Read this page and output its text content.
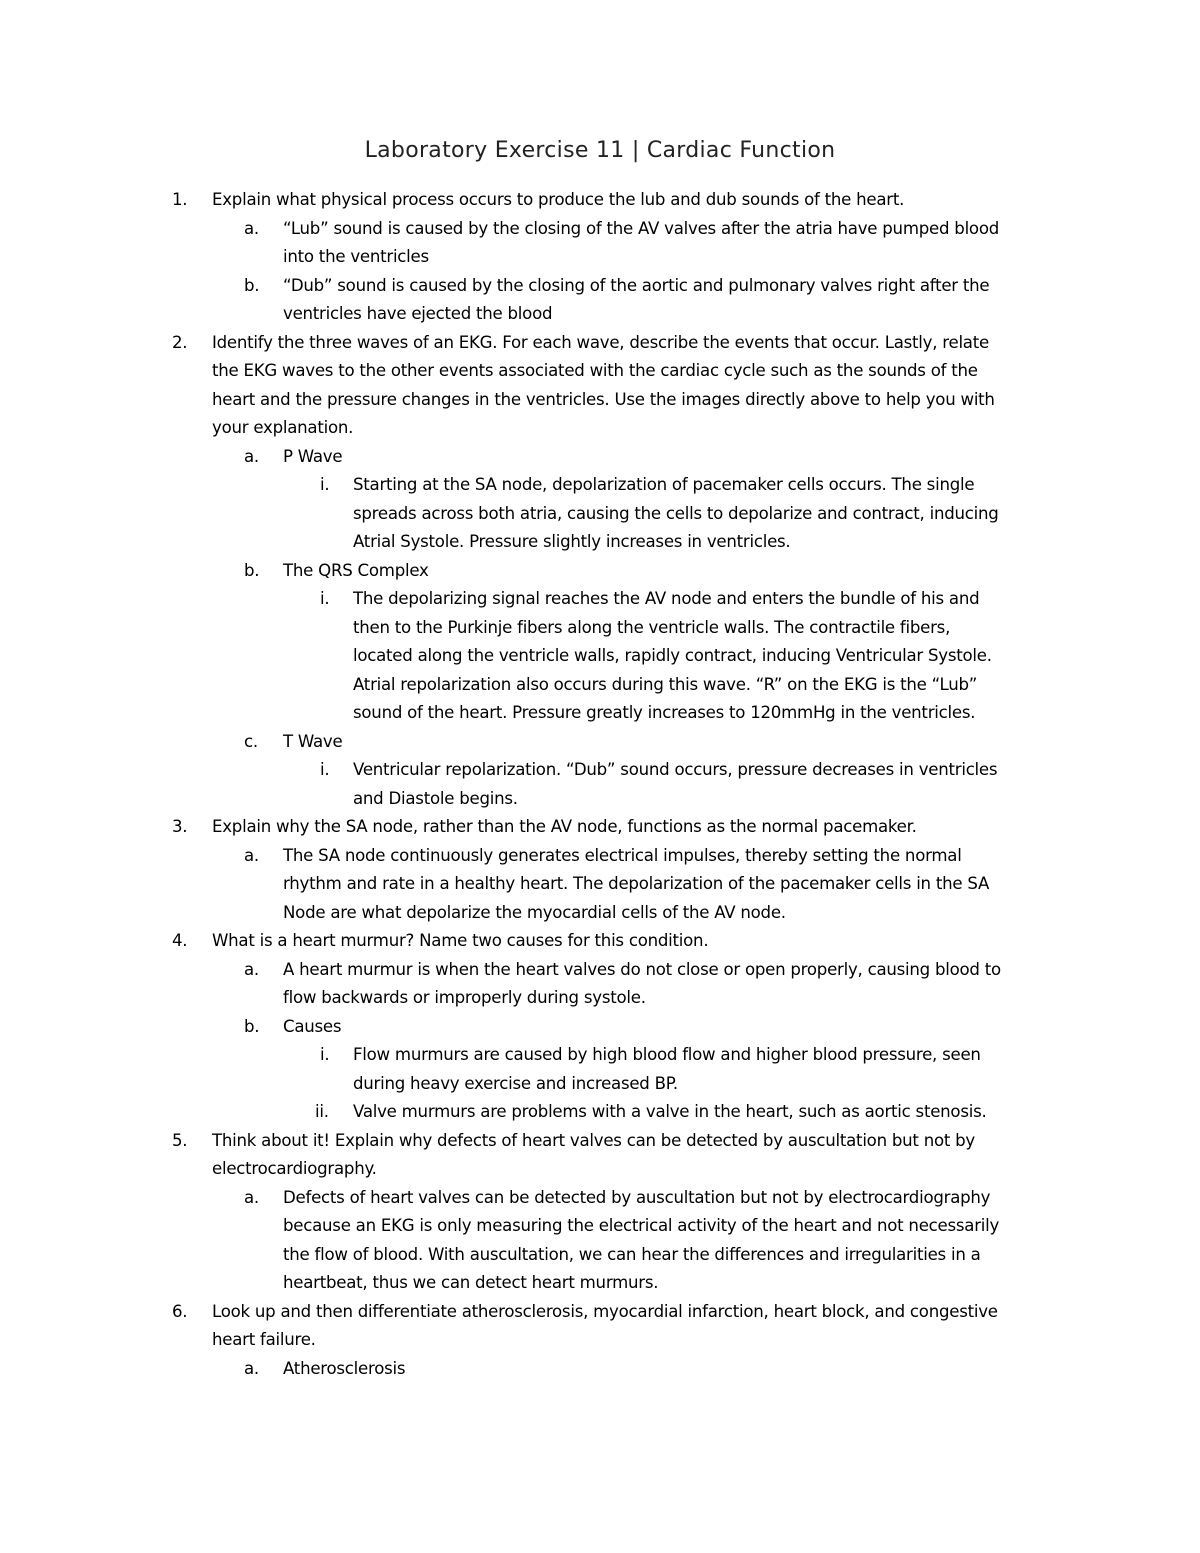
Laboratory Exercise 11 | Cardiac Function
1. Explain what physical process occurs to produce the lub and dub sounds of the heart.
a. “Lub” sound is caused by the closing of the AV valves after the atria have pumped blood
into the ventricles
b. “Dub” sound is caused by the closing of the aortic and pulmonary valves right after the
ventricles have ejected the blood
2. Identify the three waves of an EKG. For each wave, describe the events that occur. Lastly, relate
the EKG waves to the other events associated with the cardiac cycle such as the sounds of the
heart and the pressure changes in the ventricles. Use the images directly above to help you with
your explanation.
a. P Wave
i. Starting at the SA node, depolarization of pacemaker cells occurs. The single
spreads across both atria, causing the cells to depolarize and contract, inducing
Atrial Systole. Pressure slightly increases in ventricles.
b. The QRS Complex
i. The depolarizing signal reaches the AV node and enters the bundle of his and
then to the Purkinje fibers along the ventricle walls. The contractile fibers,
located along the ventricle walls, rapidly contract, inducing Ventricular Systole.
Atrial repolarization also occurs during this wave. “R” on the EKG is the “Lub”
sound of the heart. Pressure greatly increases to 120mmHg in the ventricles.
c. T Wave
i. Ventricular repolarization. “Dub” sound occurs, pressure decreases in ventricles
and Diastole begins.
3. Explain why the SA node, rather than the AV node, functions as the normal pacemaker.
a. The SA node continuously generates electrical impulses, thereby setting the normal
rhythm and rate in a healthy heart. The depolarization of the pacemaker cells in the SA
Node are what depolarize the myocardial cells of the AV node.
4. What is a heart murmur? Name two causes for this condition.
a. A heart murmur is when the heart valves do not close or open properly, causing blood to
flow backwards or improperly during systole.
b. Causes
i. Flow murmurs are caused by high blood flow and higher blood pressure, seen
during heavy exercise and increased BP.
ii. Valve murmurs are problems with a valve in the heart, such as aortic stenosis.
5. Think about it! Explain why defects of heart valves can be detected by auscultation but not by
electrocardiography.
a. Defects of heart valves can be detected by auscultation but not by electrocardiography
because an EKG is only measuring the electrical activity of the heart and not necessarily
the flow of blood. With auscultation, we can hear the differences and irregularities in a
heartbeat, thus we can detect heart murmurs.
6. Look up and then differentiate atherosclerosis, myocardial infarction, heart block, and congestive
heart failure.
a. Atherosclerosis
